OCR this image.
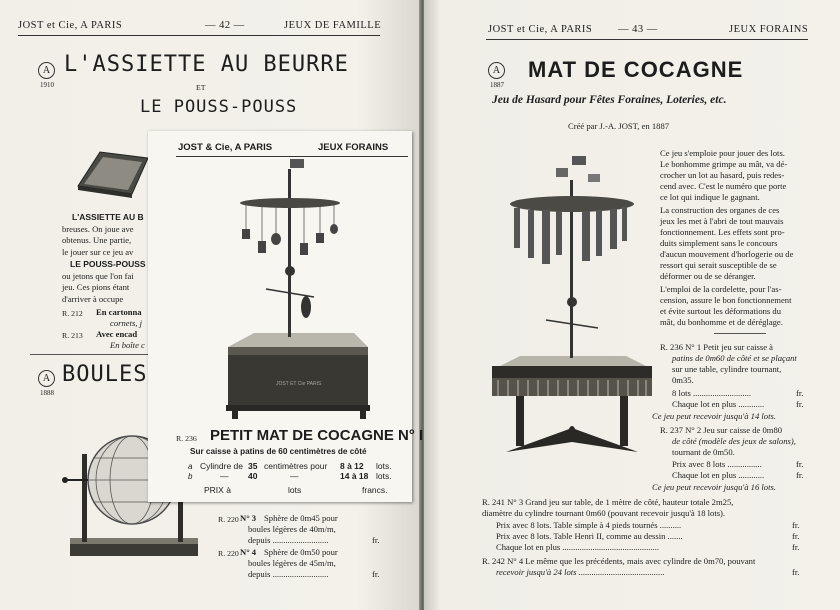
JOST et Cie, A PARIS	— 42 —	JEUX DE FAMILLE
A
1910
L'ASSIETTE AU BEURRE
ET
LE POUSS-POUSS
L'ASSIETTE AU B
breuses. On joue ave
obtenus. Une partie,
le jouer sur ce jeu av
LE POUSS-POUSS
ou jetons que l'on fai
jeu. Ces pions étant
d'arriver à occupe
R. 212 En cartonna
cornets, j
R. 213 Avec encad
En boîte c
A
1888
BOULES
R. 220 N° 3 Sphère de 0m45 pour
boules légères de 40m/m,
depuis ..........................	fr.
R. 220 N° 4 Sphère de 0m50 pour
boules légères de 45m/m,
depuis ..........................	fr.
JOST et Cie, A PARIS — 43 —	JEUX FORAINS
A
1887
MAT DE COCAGNE
Jeu de Hasard pour Fêtes Foraines, Loteries, etc.
Créé par J.-A. JOST, en 1887
Ce jeu s'emploie pour jouer des lots.
Le bonhomme grimpe au mât, va dé-
crocher un lot au hasard, puis redes-
cend avec. C'est le numéro que porte
ce lot qui indique le gagnant.
La construction des organes de ces
jeux les met à l'abri de tout mauvais
fonctionnement. Les effets sont pro-
duits simplement sans le concours
d'aucun mouvement d'horlogerie ou de
ressort qui serait susceptible de se
déformer ou de se déranger.
L'emploi de la cordelette, pour l'as-
cension, assure le bon fonctionnement
et évite surtout les déformations du
mât, du bonhomme et de déréglage.
R. 236 N° 1 Petit jeu sur caisse à
patins de 0m60 de côté et se plaçant
sur une table, cylindre tournant,
0m35.
8 lots ...........................	fr.
Chaque lot en plus ............	fr.
Ce jeu peut recevoir jusqu'à 14 lots.
R. 237 N° 2 Jeu sur caisse de 0m80
de côté (modèle des jeux de salons),
tournant de 0m50.
Prix avec 8 lots ................	fr.
Chaque lot en plus ............	fr.
Ce jeu peut recevoir jusqu'à 16 lots.
R. 241 N° 3 Grand jeu sur table, de 1 mètre de côté, hauteur totale 2m25,
diamètre du cylindre tournant 0m60 (pouvant recevoir jusqu'à 18 lots).
Prix avec 8 lots. Table simple à 4 pieds tournés ..........	fr.
Prix avec 8 lots. Table Henri II, comme au dessin .......	fr.
Chaque lot en plus .............................................	fr.
R. 242 N° 4 Le même que les précédents, mais avec cylindre de 0m70, pouvant
recevoir jusqu'à 24 lots ........................................	fr.
JOST & Cie, A PARIS	JEUX FORAINS
JOST ET Cie PARIS
R. 236 PETIT MAT DE COCAGNE N° I
Sur caisse à patins de 60 centimètres de côté
a Cylindre de 35 centimètres pour 8 à 12 lots.
b	— 40	—	14 à 18 lots.
PRIX à	lots	francs.
